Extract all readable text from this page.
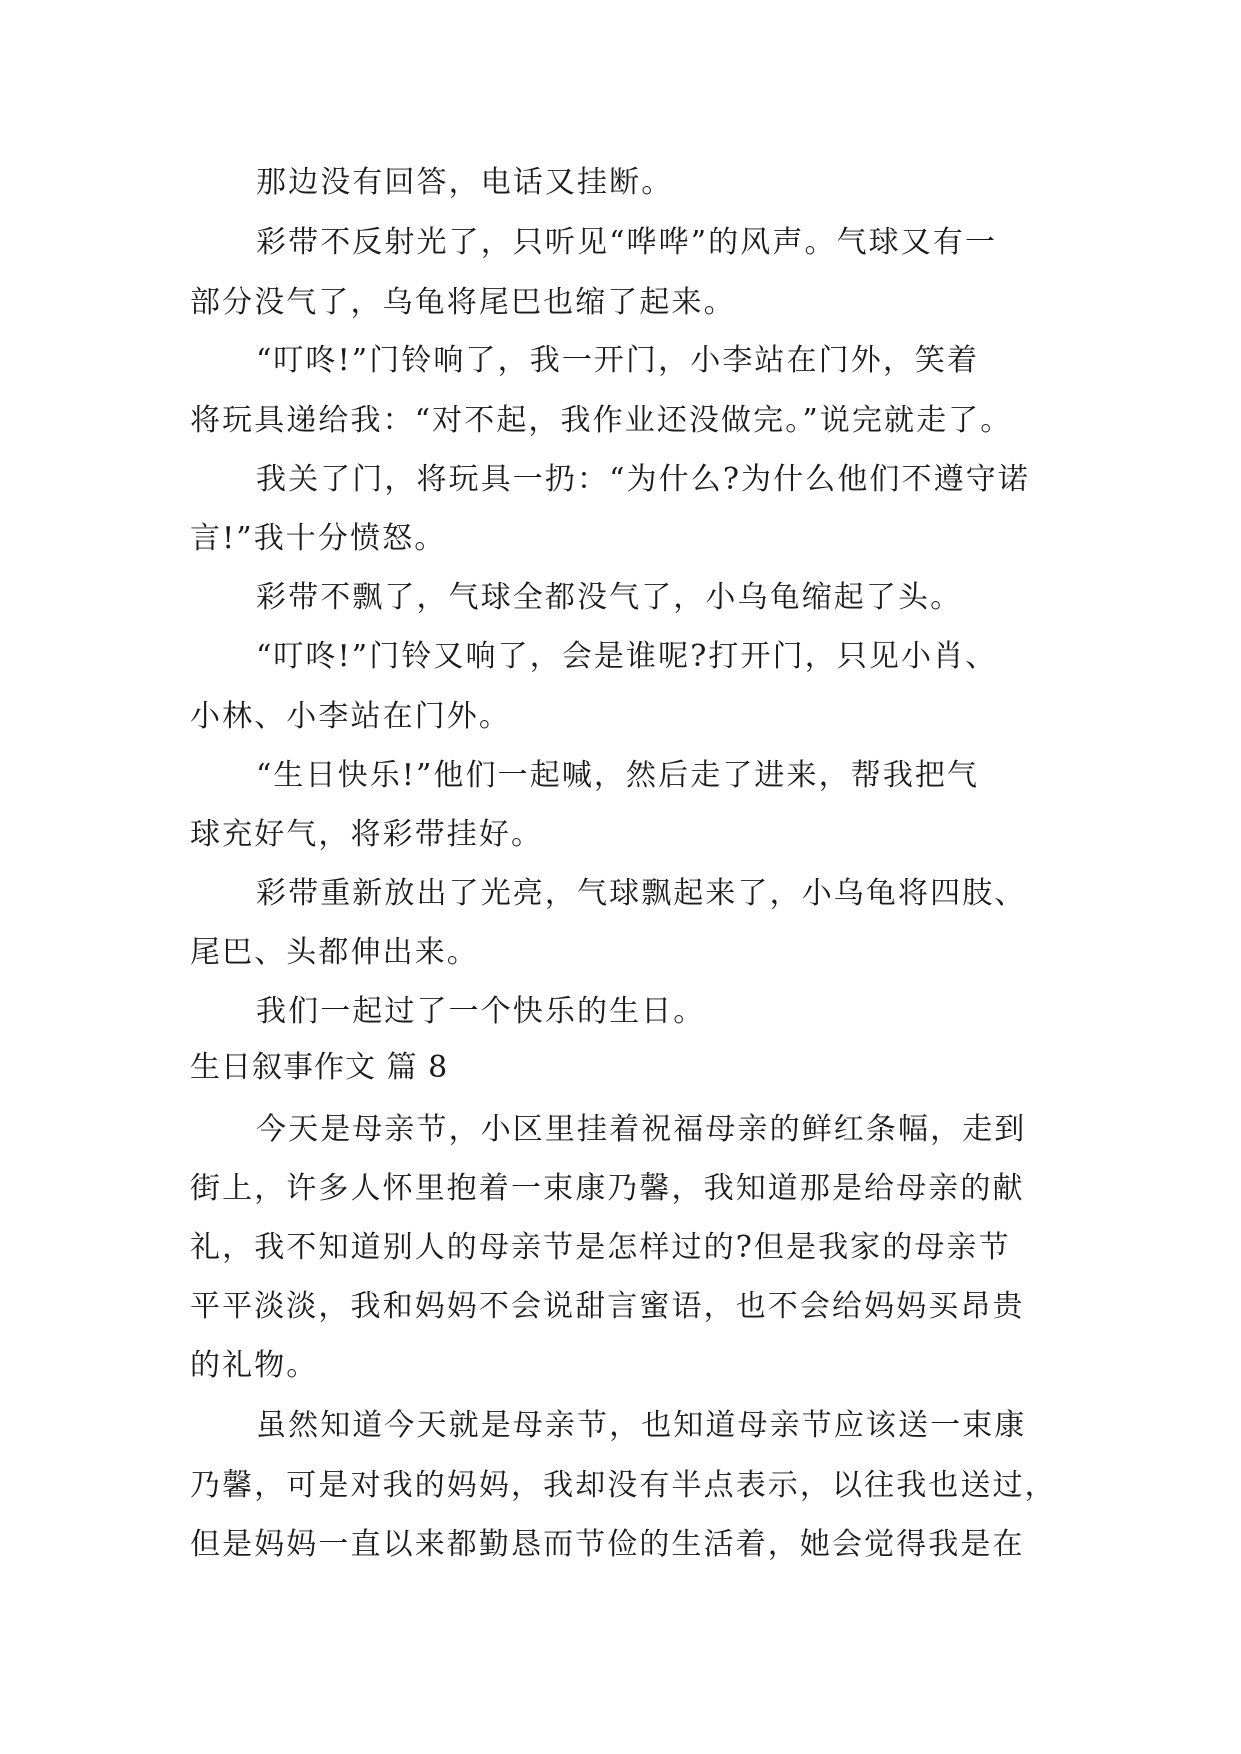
那边没有回答，电话又挂断。
彩带不反射光了，只听见“哗哗”的风声。气球又有一
部分没气了，乌龟将尾巴也缩了起来。
“叮咚!”门铃响了，我一开门，小李站在门外，笑着
将玩具递给我：“对不起，我作业还没做完。”说完就走了。
我关了门，将玩具一扔：“为什么?为什么他们不遵守诺
言!”我十分愤怒。
彩带不飘了，气球全都没气了，小乌龟缩起了头。
“叮咚!”门铃又响了，会是谁呢?打开门，只见小肖、
小林、小李站在门外。
“生日快乐!”他们一起喊，然后走了进来，帮我把气
球充好气，将彩带挂好。
彩带重新放出了光亮，气球飘起来了，小乌龟将四肢、
尾巴、头都伸出来。
我们一起过了一个快乐的生日。
生日叙事作文 篇 8
今天是母亲节，小区里挂着祝福母亲的鲜红条幅，走到
街上，许多人怀里抱着一束康乃馨，我知道那是给母亲的献
礼，我不知道别人的母亲节是怎样过的?但是我家的母亲节
平平淡淡，我和妈妈不会说甜言蜜语，也不会给妈妈买昂贵
的礼物。
虽然知道今天就是母亲节，也知道母亲节应该送一束康
乃馨，可是对我的妈妈，我却没有半点表示，以往我也送过，
但是妈妈一直以来都勤恳而节俭的生活着，她会觉得我是在
